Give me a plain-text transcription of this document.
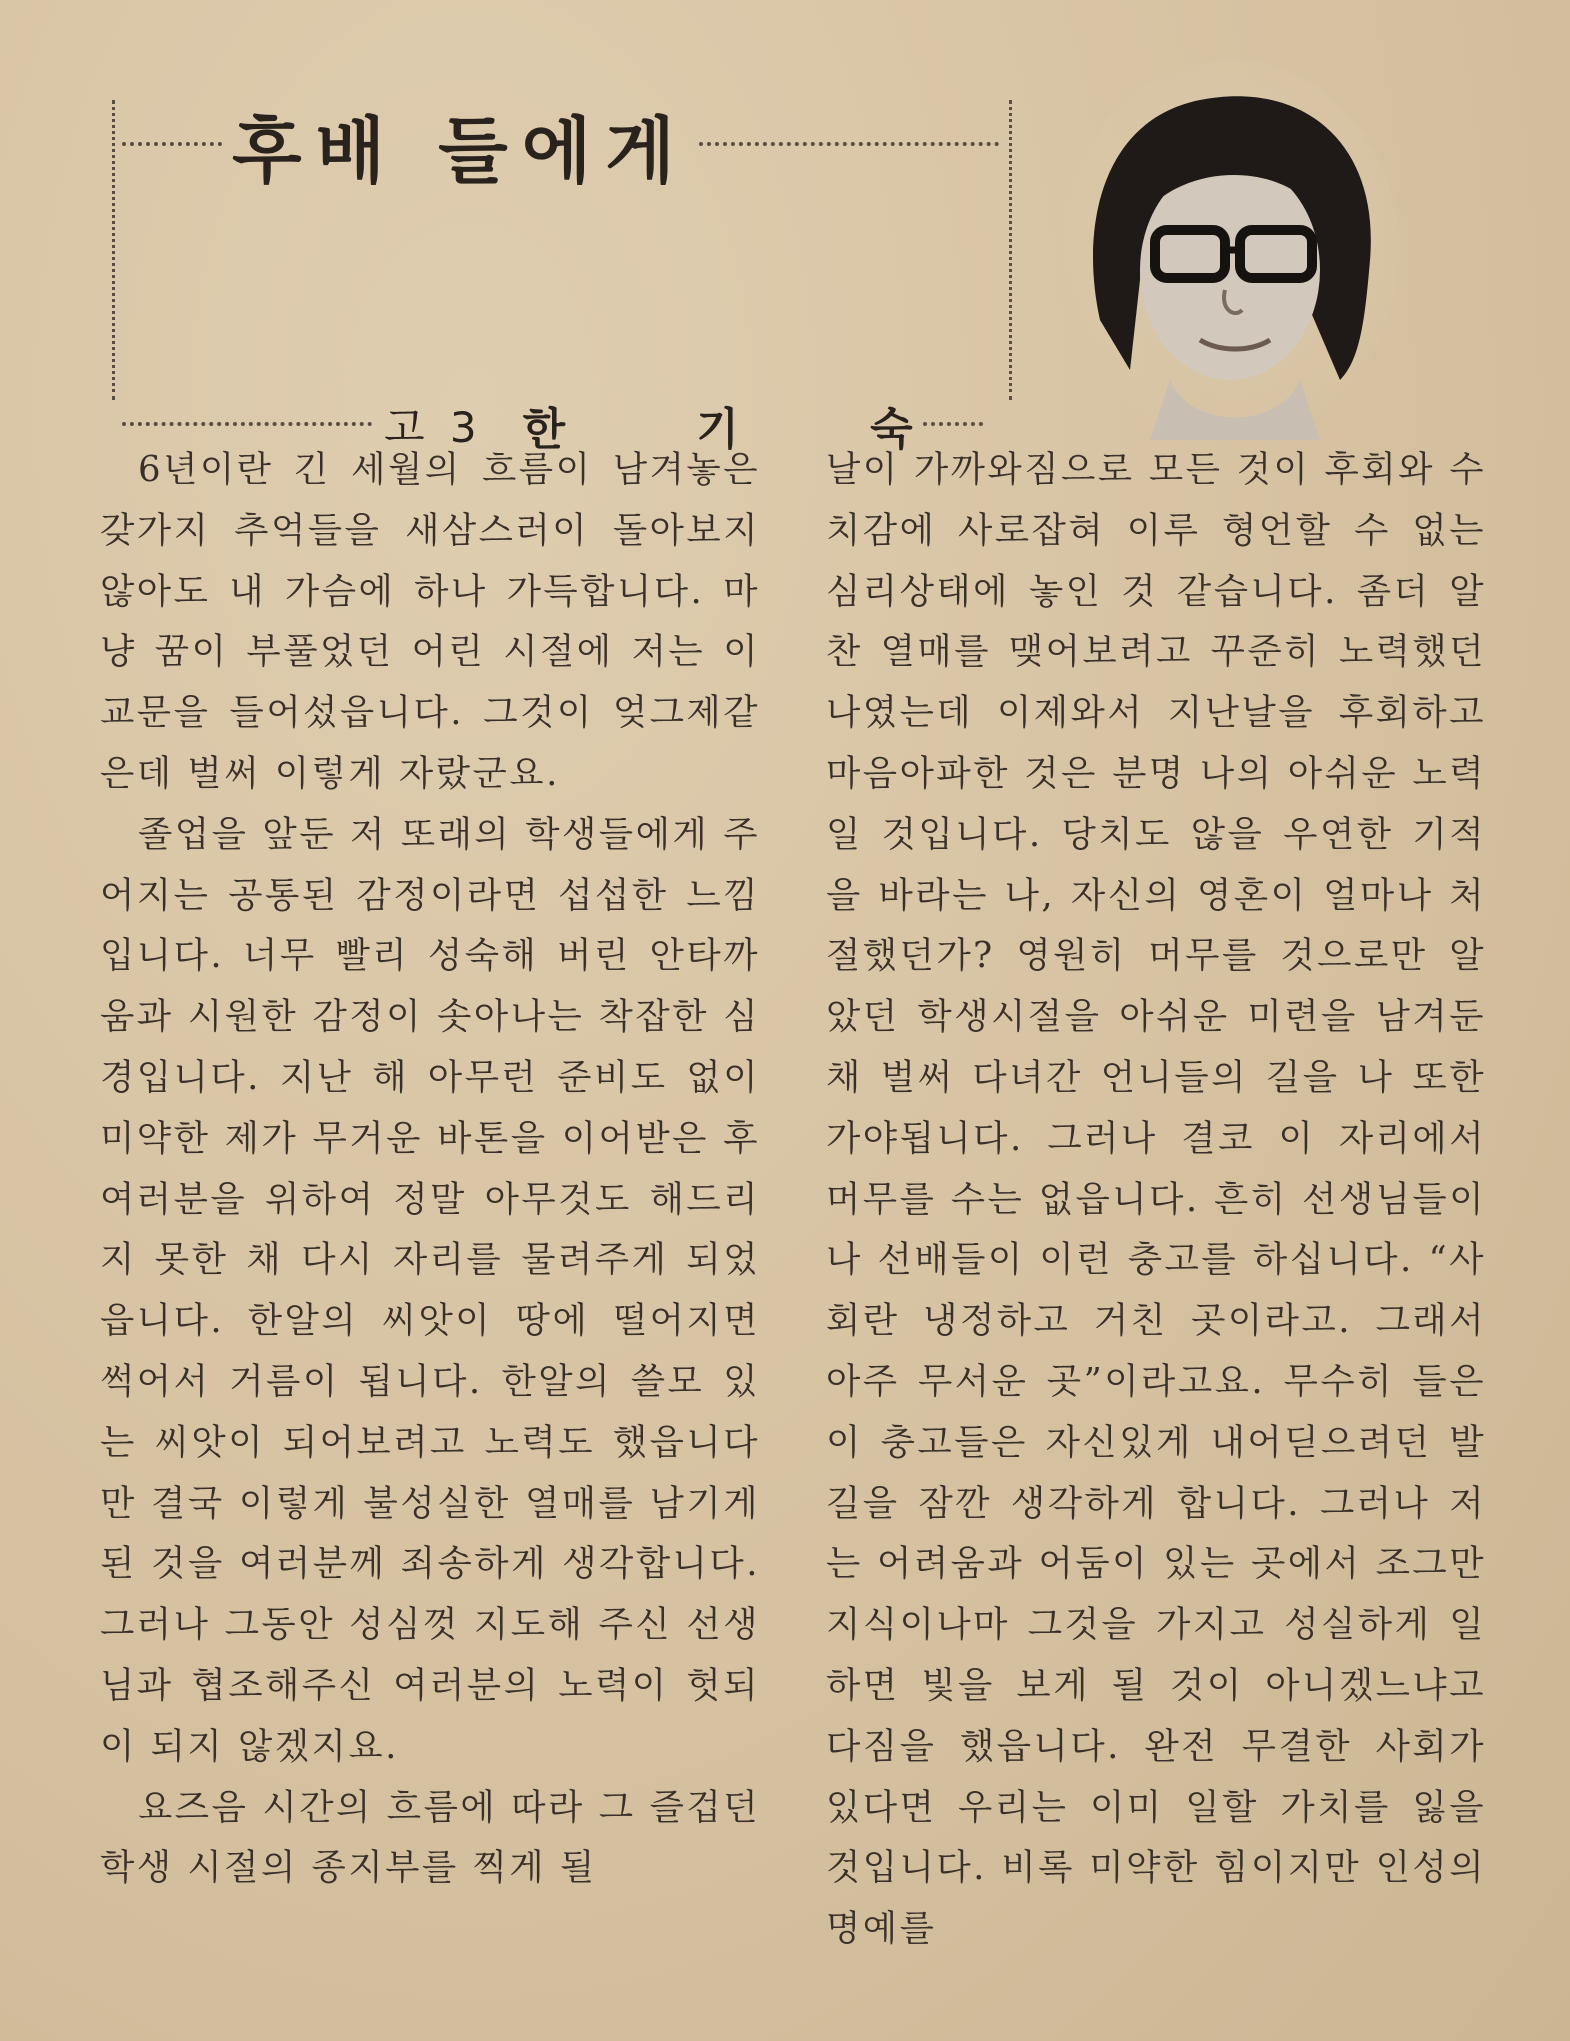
후배 들에게
고 3 한	기	숙

6년이란 긴 세월의 흐름이 남겨놓은 갖가지 추억들을 새삼스러이 돌아보지 않아도 내 가슴에 하나 가득합니다. 마냥 꿈이 부풀었던 어린 시절에 저는 이 교문을 들어섰읍니다. 그것이 엊그제같은데 벌써 이렇게 자랐군요.

졸업을 앞둔 저 또래의 학생들에게 주어지는 공통된 감정이라면 섭섭한 느낌입니다. 너무 빨리 성숙해 버린 안타까움과 시원한 감정이 솟아나는 착잡한 심경입니다. 지난 해 아무런 준비도 없이 미약한 제가 무거운 바톤을 이어받은 후 여러분을 위하여 정말 아무것도 해드리지 못한 채 다시 자리를 물려주게 되었읍니다. 한알의 씨앗이 땅에 떨어지면 썩어서 거름이 됩니다. 한알의 쓸모 있는 씨앗이 되어보려고 노력도 했읍니다만 결국 이렇게 불성실한 열매를 남기게 된 것을 여러분께 죄송하게 생각합니다. 그러나 그동안 성심껏 지도해 주신 선생님과 협조해주신 여러분의 노력이 헛되이 되지 않겠지요.

요즈음 시간의 흐름에 따라 그 즐겁던 학생 시절의 종지부를 찍게 될

날이 가까와짐으로 모든 것이 후회와 수치감에 사로잡혀 이루 형언할 수 없는 심리상태에 놓인 것 같습니다. 좀더 알찬 열매를 맺어보려고 꾸준히 노력했던 나였는데 이제와서 지난날을 후회하고 마음아파한 것은 분명 나의 아쉬운 노력일 것입니다. 당치도 않을 우연한 기적을 바라는 나, 자신의 영혼이 얼마나 처절했던가? 영원히 머무를 것으로만 알았던 학생시절을 아쉬운 미련을 남겨둔 채 벌써 다녀간 언니들의 길을 나 또한 가야됩니다. 그러나 결코 이 자리에서 머무를 수는 없읍니다. 흔히 선생님들이나 선배들이 이런 충고를 하십니다. “사회란 냉정하고 거친 곳이라고. 그래서 아주 무서운 곳”이라고요. 무수히 들은 이 충고들은 자신있게 내어딛으려던 발길을 잠깐 생각하게 합니다. 그러나 저는 어려움과 어둠이 있는 곳에서 조그만 지식이나마 그것을 가지고 성실하게 일하면 빛을 보게 될 것이 아니겠느냐고 다짐을 했읍니다. 완전 무결한 사회가 있다면 우리는 이미 일할 가치를 잃을 것입니다. 비록 미약한 힘이지만 인성의 명예를
